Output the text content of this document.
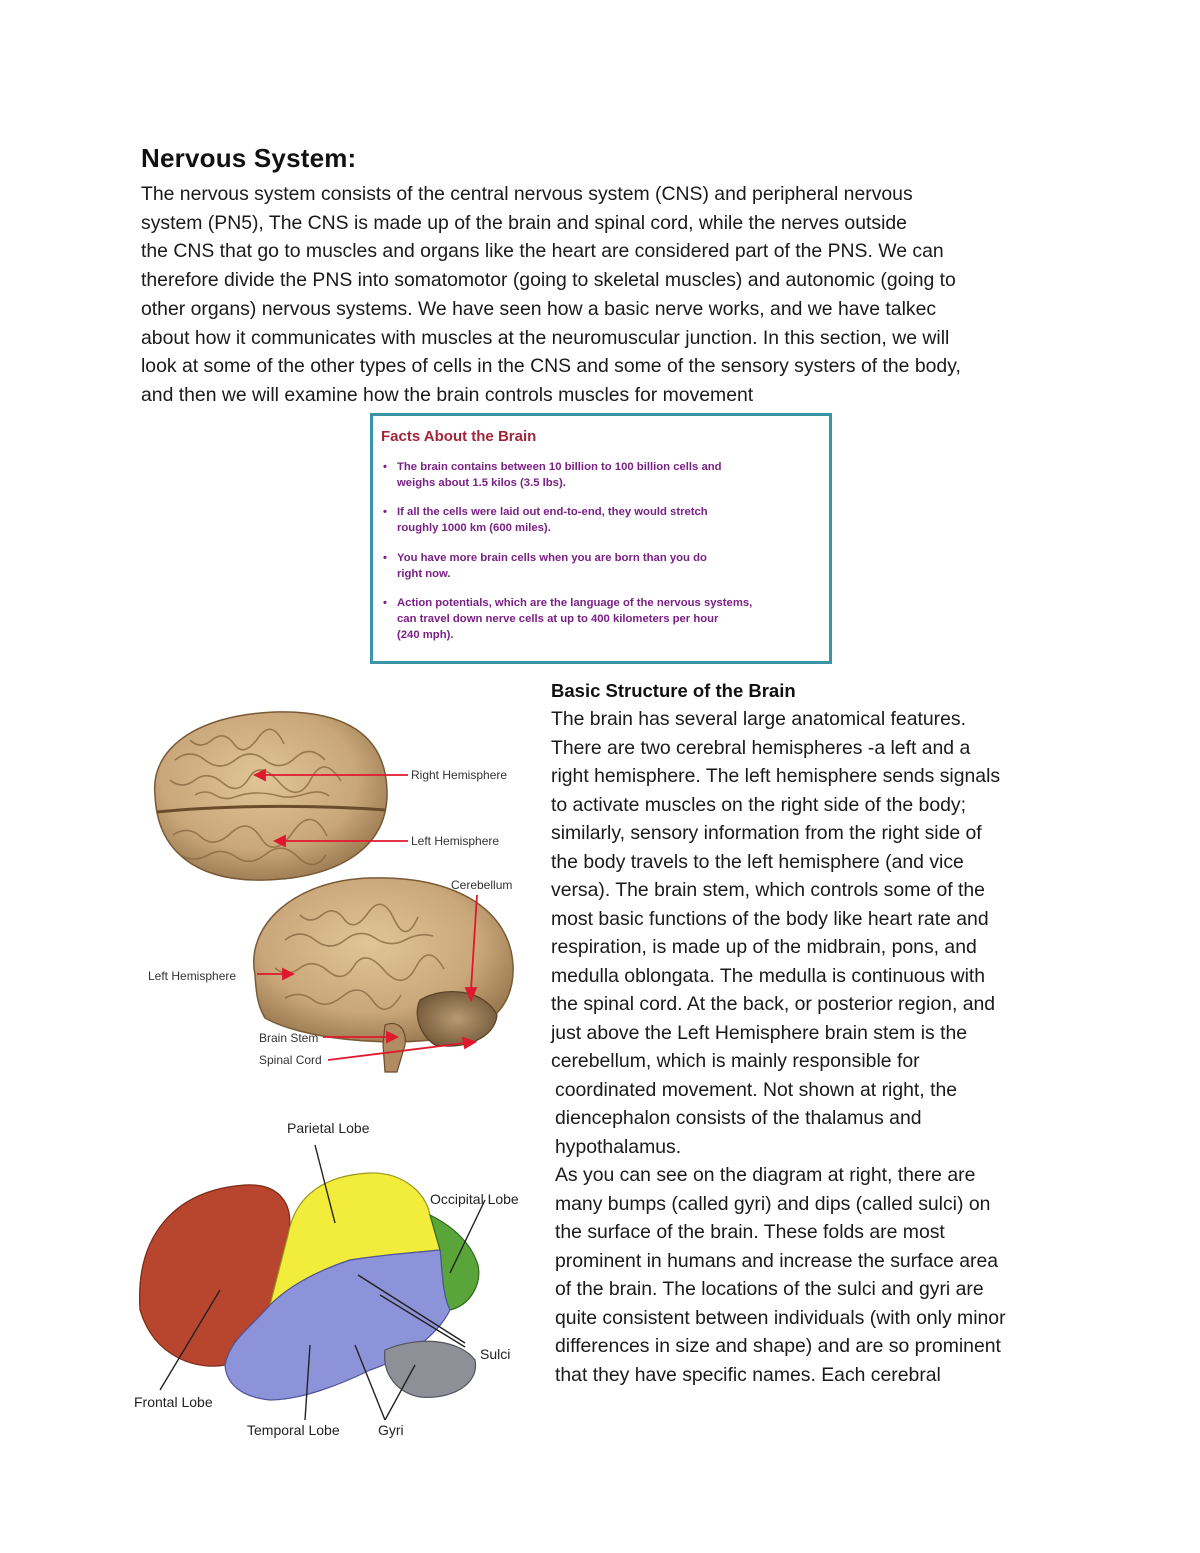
Nervous System:
The nervous system consists of the central nervous system (CNS) and peripheral nervous
system (PN5), The CNS is made up of the brain and spinal cord, while the nerves outside
the CNS that go to muscles and organs like the heart are considered part of the PNS. We can
therefore divide the PNS into somatomotor (going to skeletal muscles) and autonomic (going to
other organs) nervous systems. We have seen how a basic nerve works, and we have talkec
about how it communicates with muscles at the neuromuscular junction. In this section, we will
look at some of the other types of cells in the CNS and some of the sensory systers of the body,
and then we will examine how the brain controls muscles for movement
Facts About the Brain
• The brain contains between 10 billion to 100 billion cells and
weighs about 1.5 kilos (3.5 lbs).
• If all the cells were laid out end-to-end, they would stretch
roughly 1000 km (600 miles).
• You have more brain cells when you are born than you do
right now.
• Action potentials, which are the language of the nervous systems,
can travel down nerve cells at up to 400 kilometers per hour
(240 mph).
Right Hemisphere
Left Hemisphere
Cerebellum
Left Hemisphere
Brain Stem
Spinal Cord
Parietal Lobe
Occipital Lobe
Sulci
Frontal Lobe
Temporal Lobe	Gyri
Basic Structure of the Brain
The brain has several large anatomical features.
There are two cerebral hemispheres -a left and a
right hemisphere. The left hemisphere sends signals
to activate muscles on the right side of the body;
similarly, sensory information from the right side of
the body travels to the left hemisphere (and vice
versa). The brain stem, which controls some of the
most basic functions of the body like heart rate and
respiration, is made up of the midbrain, pons, and
medulla oblongata. The medulla is continuous with
the spinal cord. At the back, or posterior region, and
just above the Left Hemisphere brain stem is the
cerebellum, which is mainly responsible for
coordinated movement. Not shown at right, the
diencephalon consists of the thalamus and
hypothalamus.
As you can see on the diagram at right, there are
many bumps (called gyri) and dips (called sulci) on
the surface of the brain. These folds are most
prominent in humans and increase the surface area
of the brain. The locations of the sulci and gyri are
quite consistent between individuals (with only minor
differences in size and shape) and are so prominent
that they have specific names. Each cerebral
